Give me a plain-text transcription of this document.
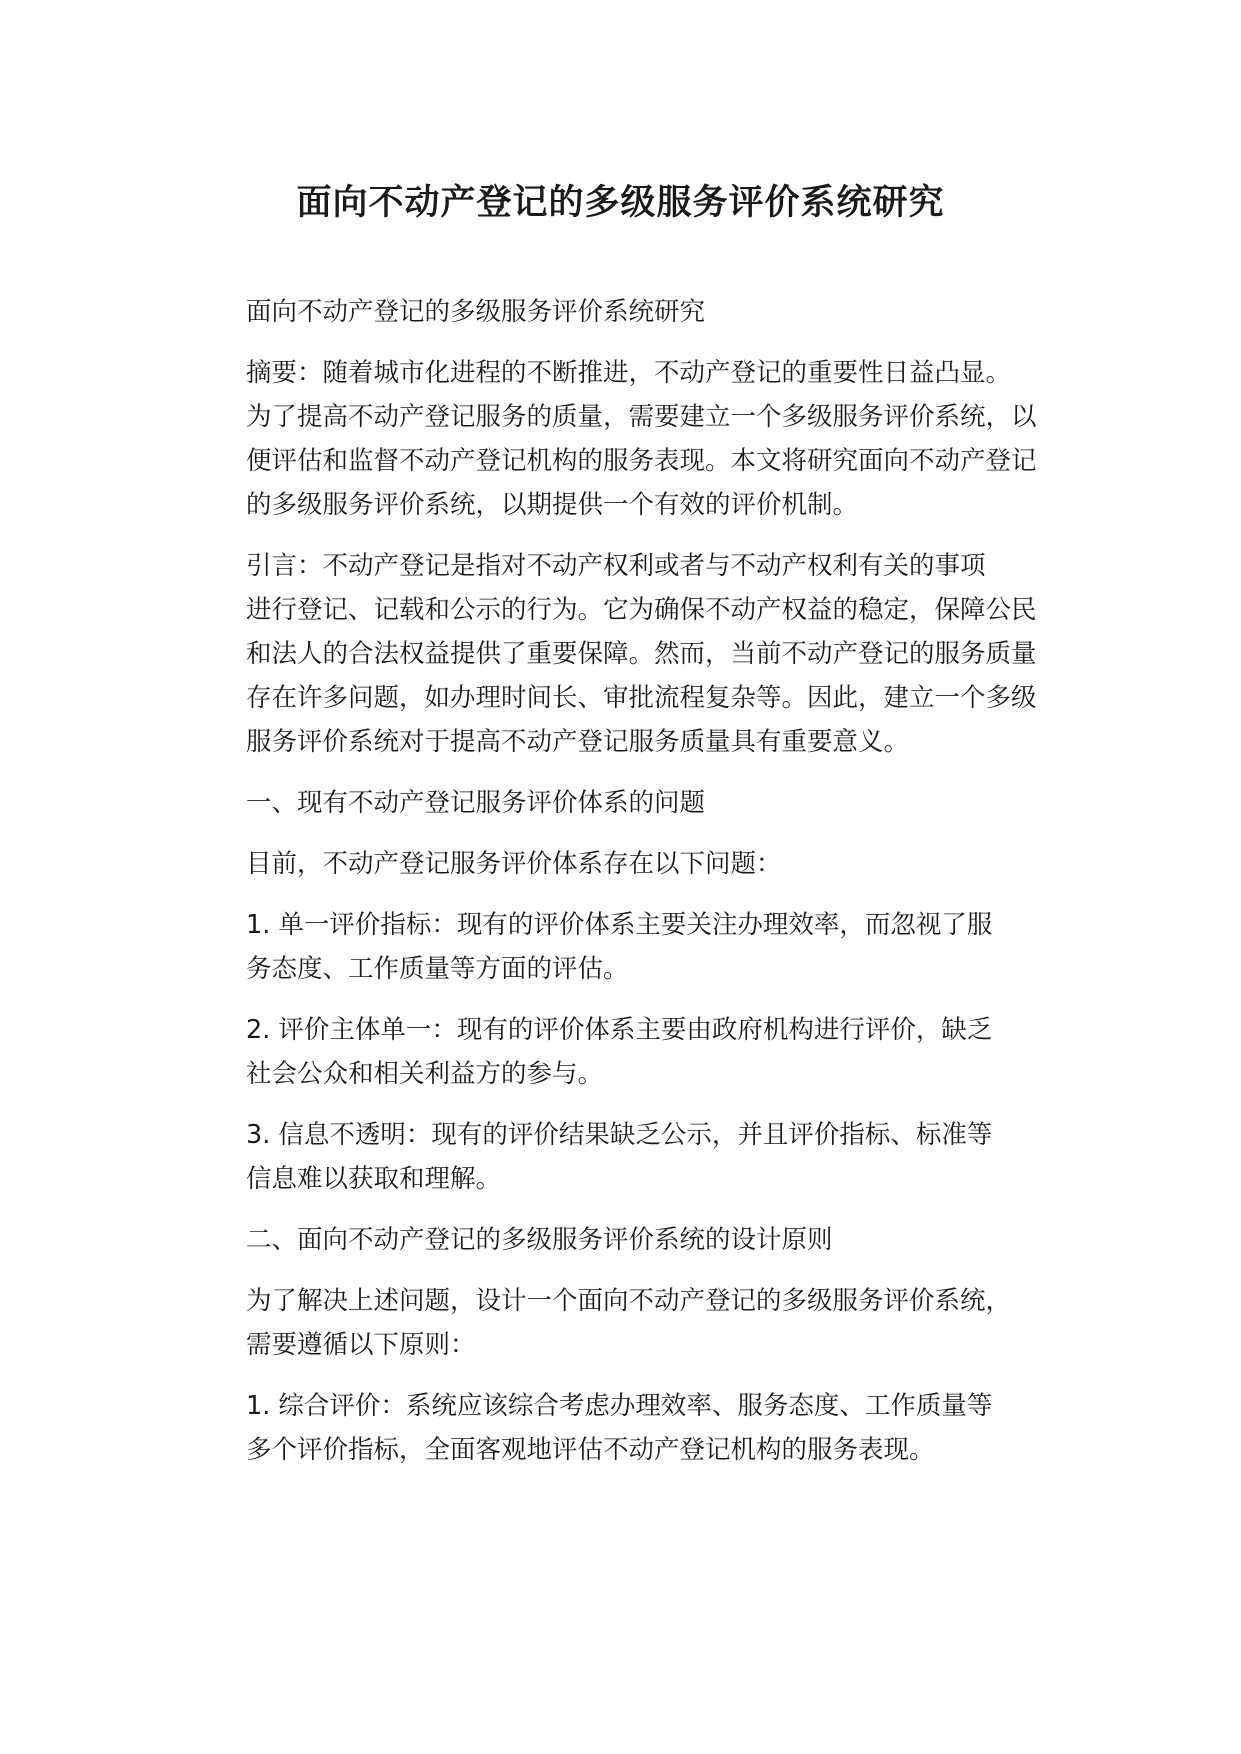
面向不动产登记的多级服务评价系统研究

面向不动产登记的多级服务评价系统研究

摘要：随着城市化进程的不断推进，不动产登记的重要性日益凸显。
为了提高不动产登记服务的质量，需要建立一个多级服务评价系统，以
便评估和监督不动产登记机构的服务表现。本文将研究面向不动产登记
的多级服务评价系统，以期提供一个有效的评价机制。

引言：不动产登记是指对不动产权利或者与不动产权利有关的事项
进行登记、记载和公示的行为。它为确保不动产权益的稳定，保障公民
和法人的合法权益提供了重要保障。然而，当前不动产登记的服务质量
存在许多问题，如办理时间长、审批流程复杂等。因此，建立一个多级
服务评价系统对于提高不动产登记服务质量具有重要意义。

一、现有不动产登记服务评价体系的问题

目前，不动产登记服务评价体系存在以下问题：

1. 单一评价指标：现有的评价体系主要关注办理效率，而忽视了服
务态度、工作质量等方面的评估。

2. 评价主体单一：现有的评价体系主要由政府机构进行评价，缺乏
社会公众和相关利益方的参与。

3. 信息不透明：现有的评价结果缺乏公示，并且评价指标、标准等
信息难以获取和理解。

二、面向不动产登记的多级服务评价系统的设计原则

为了解决上述问题，设计一个面向不动产登记的多级服务评价系统，
需要遵循以下原则：

1. 综合评价：系统应该综合考虑办理效率、服务态度、工作质量等
多个评价指标，全面客观地评估不动产登记机构的服务表现。
